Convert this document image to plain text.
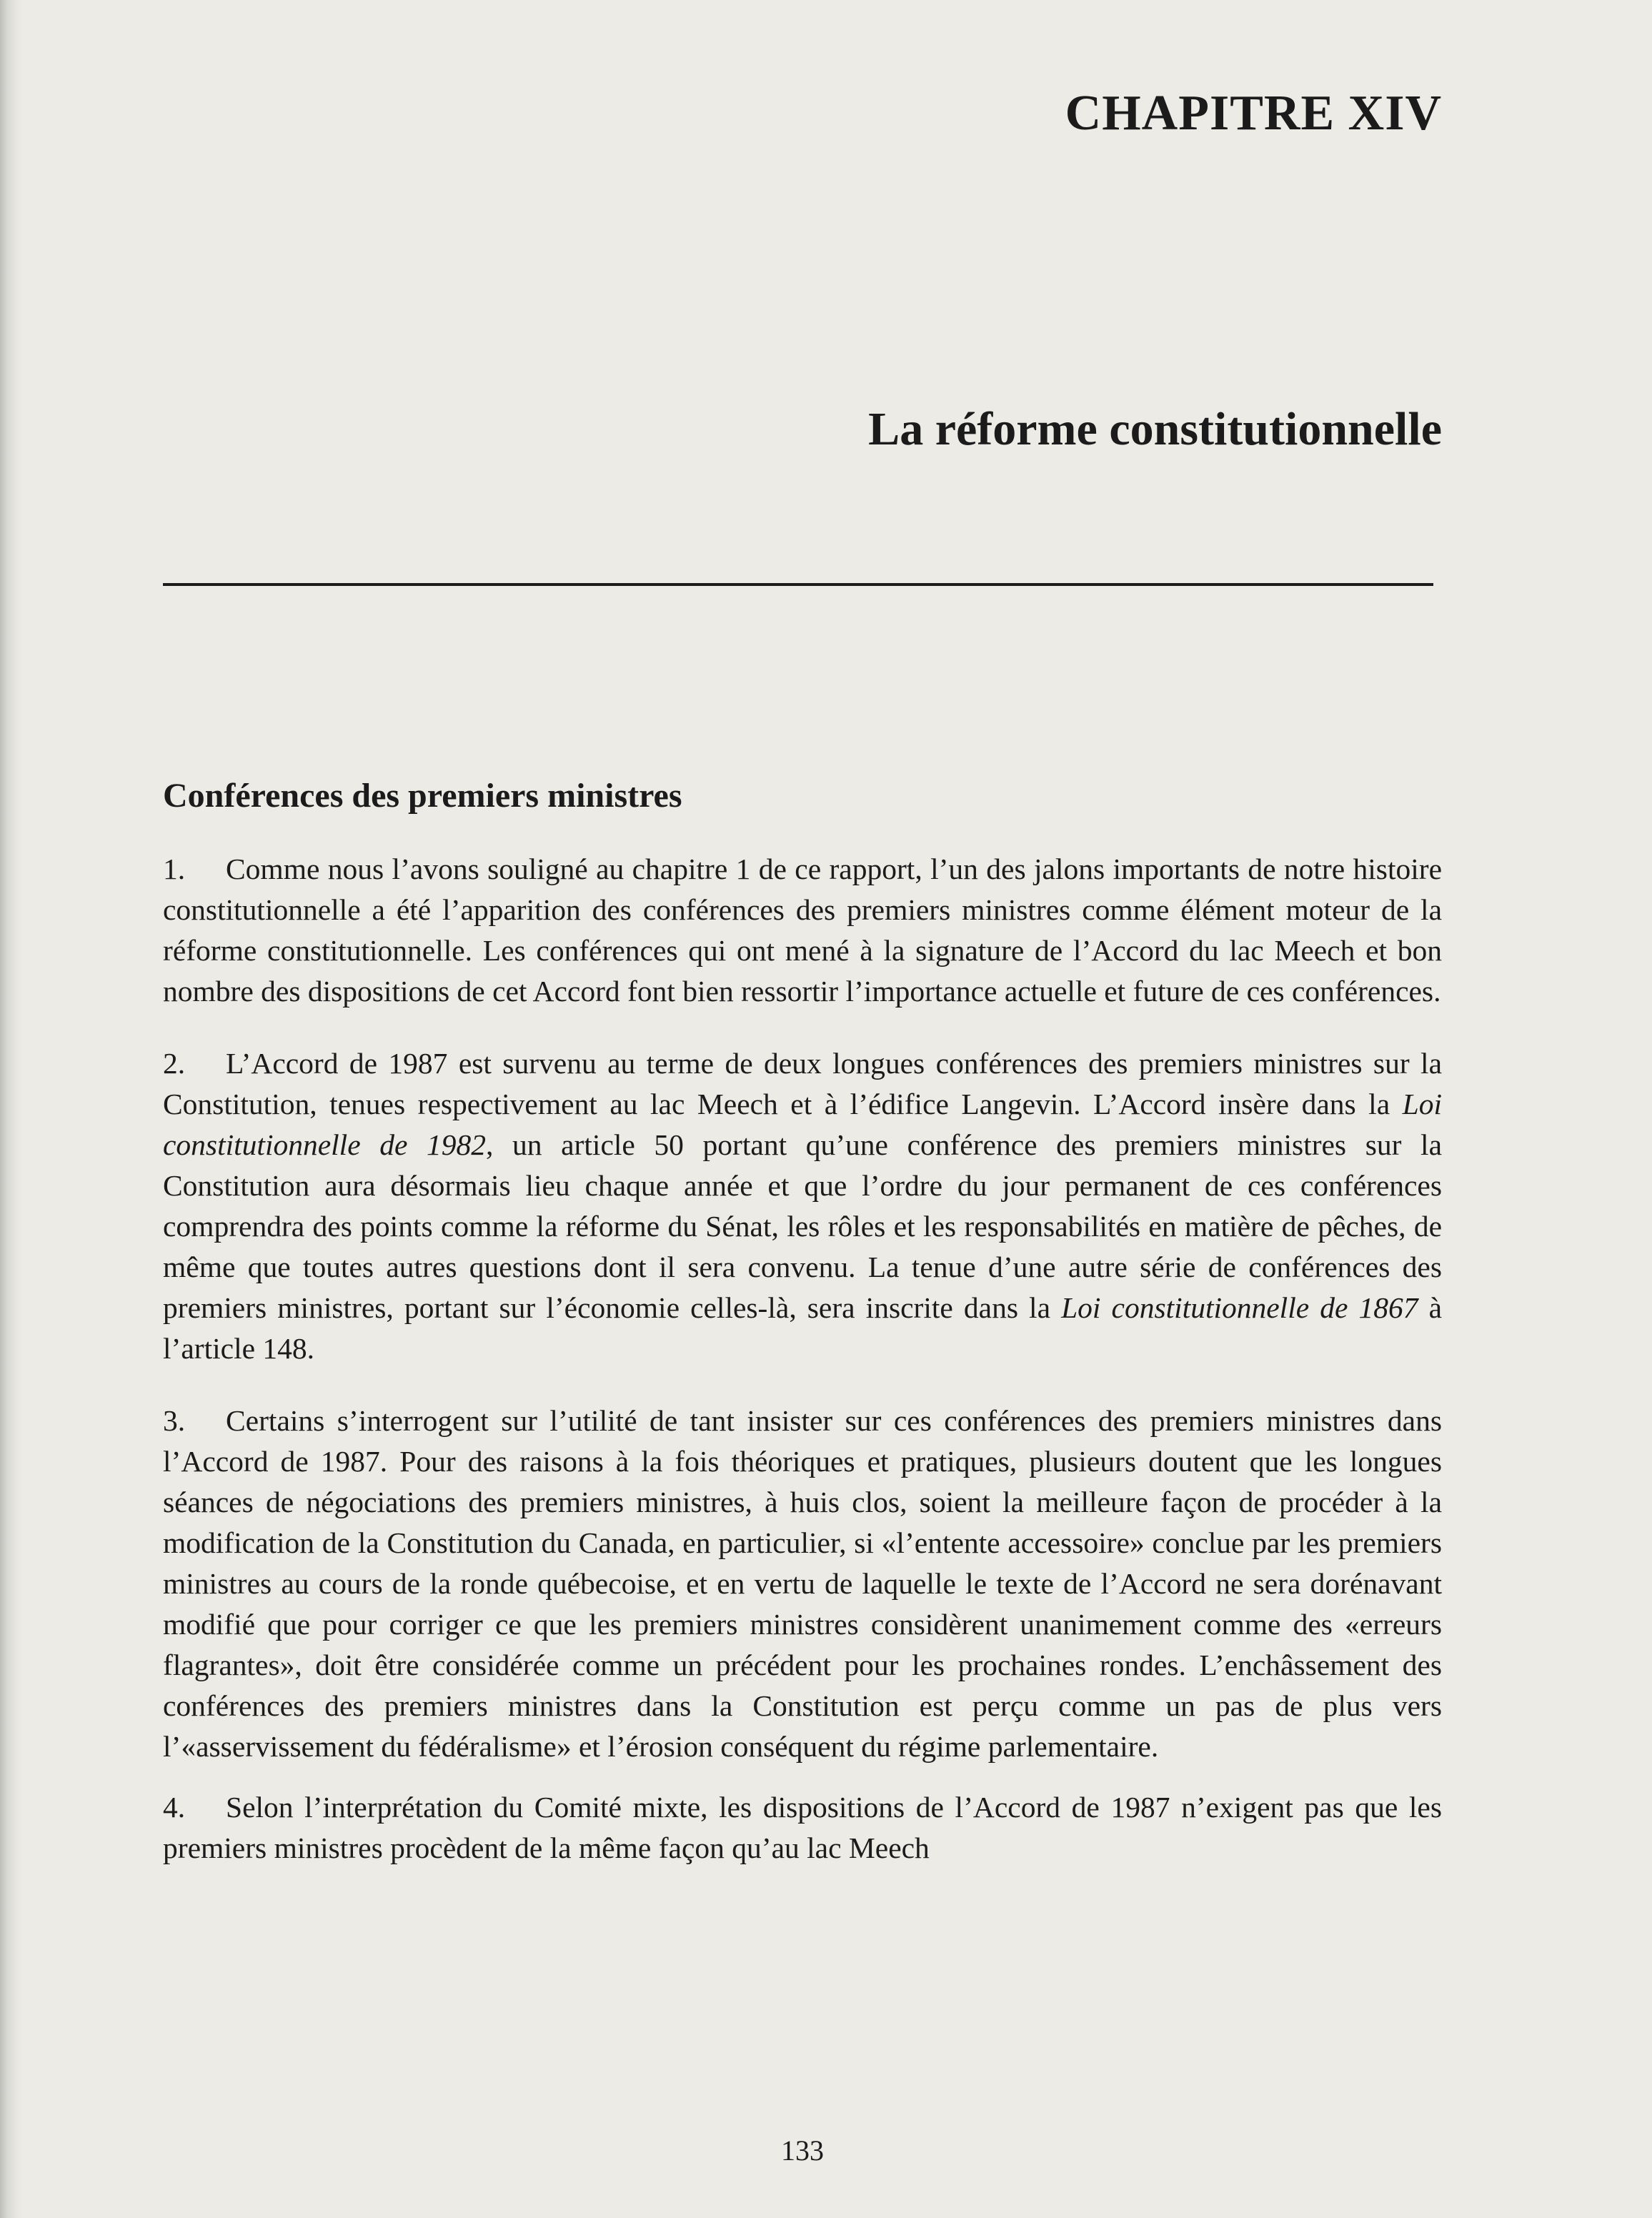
CHAPITRE XIV
La réforme constitutionnelle
Conférences des premiers ministres

1. Comme nous l’avons souligné au chapitre 1 de ce rapport, l’un des jalons importants de notre histoire constitutionnelle a été l’apparition des conférences des premiers ministres comme élément moteur de la réforme constitutionnelle. Les conférences qui ont mené à la signature de l’Accord du lac Meech et bon nombre des dispositions de cet Accord font bien ressortir l’importance actuelle et future de ces conférences.

2. L’Accord de 1987 est survenu au terme de deux longues conférences des premiers ministres sur la Constitution, tenues respectivement au lac Meech et à l’édifice Langevin. L’Accord insère dans la Loi constitutionnelle de 1982, un article 50 portant qu’une conférence des premiers ministres sur la Constitution aura désormais lieu chaque année et que l’ordre du jour permanent de ces conférences comprendra des points comme la réforme du Sénat, les rôles et les responsabilités en matière de pêches, de même que toutes autres questions dont il sera convenu. La tenue d’une autre série de conférences des premiers ministres, portant sur l’économie celles-là, sera inscrite dans la Loi constitutionnelle de 1867 à l’article 148.

3. Certains s’interrogent sur l’utilité de tant insister sur ces conférences des premiers ministres dans l’Accord de 1987. Pour des raisons à la fois théoriques et pratiques, plusieurs doutent que les longues séances de négociations des premiers ministres, à huis clos, soient la meilleure façon de procéder à la modification de la Constitution du Canada, en particulier, si «l’entente accessoire» conclue par les premiers ministres au cours de la ronde québecoise, et en vertu de laquelle le texte de l’Accord ne sera dorénavant modifié que pour corriger ce que les premiers ministres considèrent unanimement comme des «erreurs flagrantes», doit être considérée comme un précédent pour les prochaines rondes. L’enchâssement des conférences des premiers ministres dans la Constitution est perçu comme un pas de plus vers l’«asservissement du fédéralisme» et l’érosion conséquent du régime parlementaire.

4. Selon l’interprétation du Comité mixte, les dispositions de l’Accord de 1987 n’exigent pas que les premiers ministres procèdent de la même façon qu’au lac Meech

133
